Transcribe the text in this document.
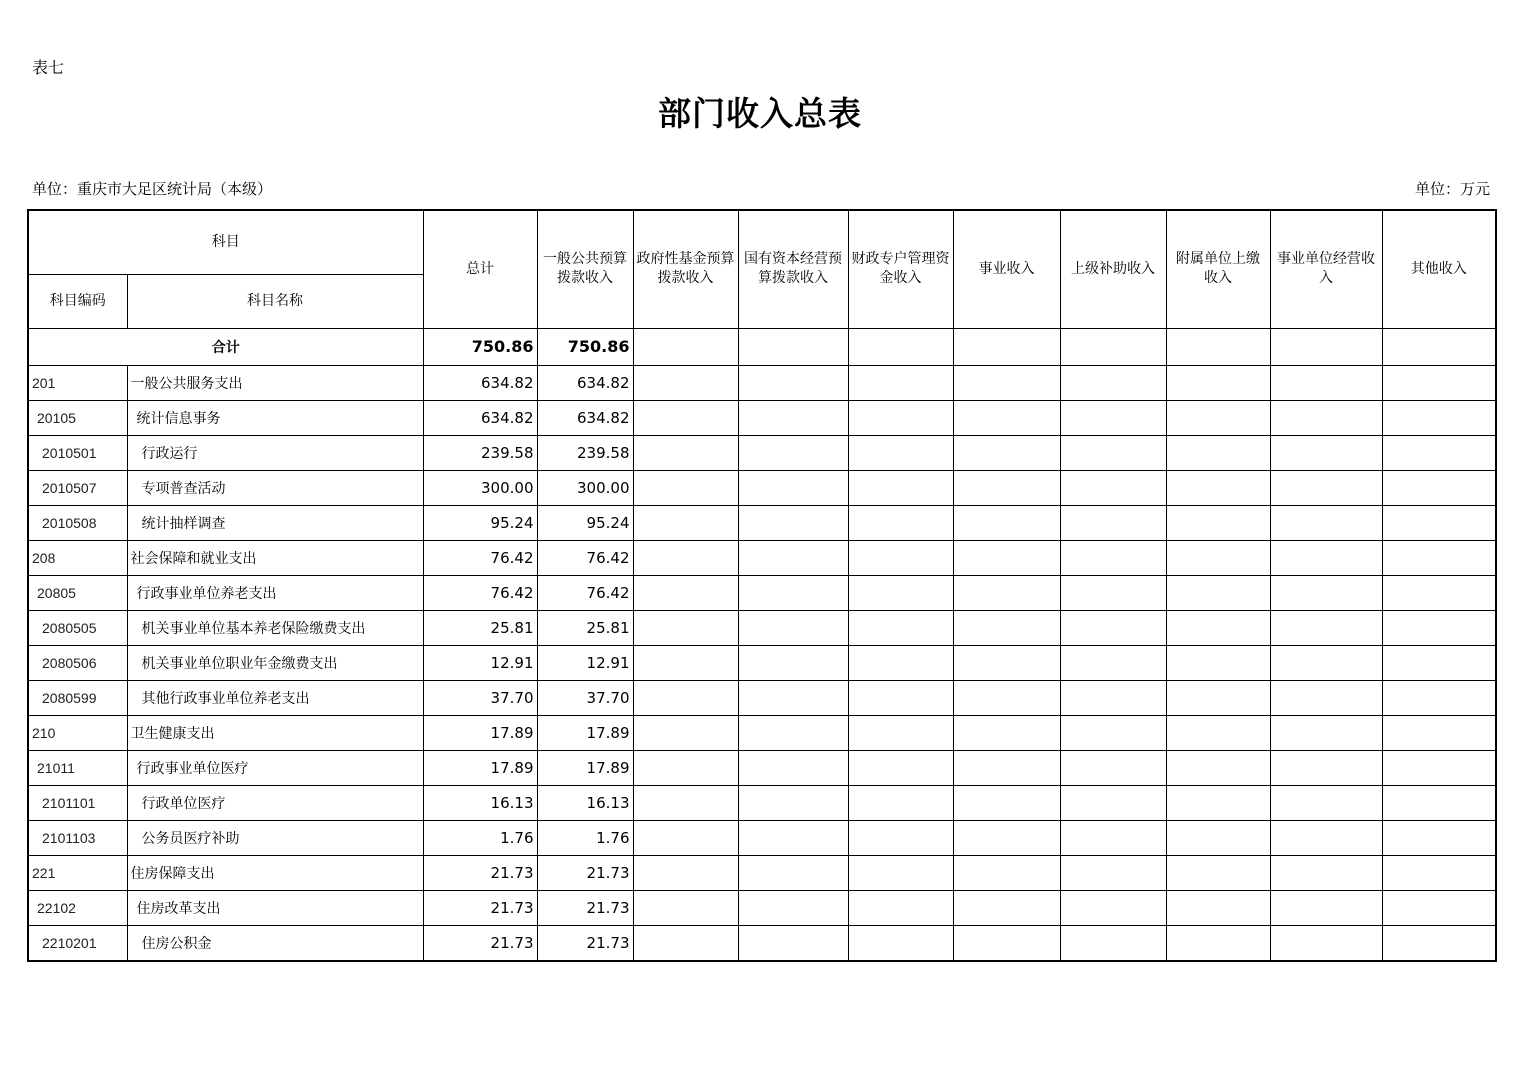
表七
部门收入总表
单位：重庆市大足区统计局（本级）	单位：万元
科目		总计	一般公共预算拨款收入	政府性基金预算拨款收入	国有资本经营预算拨款收入	财政专户管理资金收入	事业收入	上级补助收入	附属单位上缴收入	事业单位经营收入	其他收入
科目编码	科目名称										
合计		750.86	750.86								
201	一般公共服务支出	634.82	634.82								
20105	统计信息事务	634.82	634.82								
2010501	行政运行	239.58	239.58								
2010507	专项普查活动	300.00	300.00								
2010508	统计抽样调查	95.24	95.24								
208	社会保障和就业支出	76.42	76.42								
20805	行政事业单位养老支出	76.42	76.42								
2080505	机关事业单位基本养老保险缴费支出	25.81	25.81								
2080506	机关事业单位职业年金缴费支出	12.91	12.91								
2080599	其他行政事业单位养老支出	37.70	37.70								
210	卫生健康支出	17.89	17.89								
21011	行政事业单位医疗	17.89	17.89								
2101101	行政单位医疗	16.13	16.13								
2101103	公务员医疗补助	1.76	1.76								
221	住房保障支出	21.73	21.73								
22102	住房改革支出	21.73	21.73								
2210201	住房公积金	21.73	21.73								
